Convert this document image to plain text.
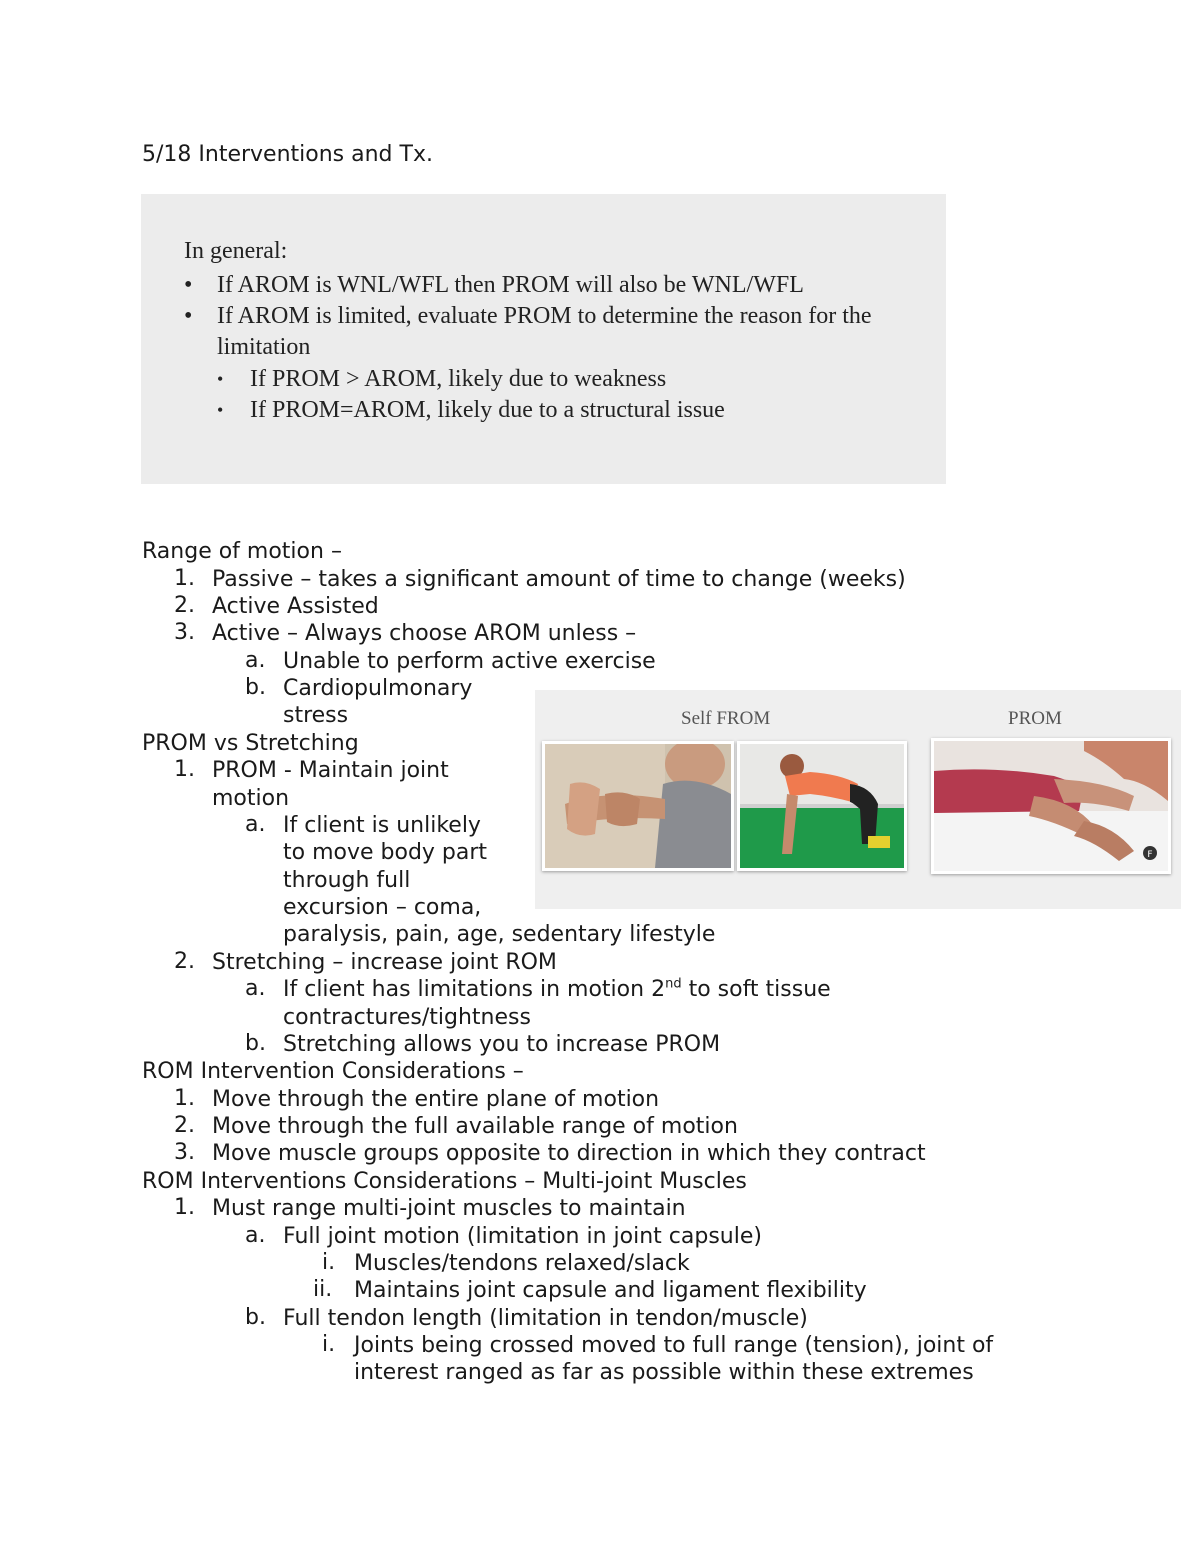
5/18 Interventions and Tx.
In general:
•	If AROM is WNL/WFL then PROM will also be WNL/WFL
•	If AROM is limited, evaluate PROM to determine the reason for the limitation
•	If PROM > AROM, likely due to weakness
•	If PROM=AROM, likely due to a structural issue
Range of motion –
1. Passive – takes a significant amount of time to change (weeks)
2. Active Assisted
3. Active – Always choose AROM unless –
a. Unable to perform active exercise
b. Cardiopulmonary
stress
PROM vs Stretching
1. PROM - Maintain joint
motion
a. If client is unlikely
to move body part
through full
excursion – coma,
paralysis, pain, age, sedentary lifestyle
2. Stretching – increase joint ROM
a. If client has limitations in motion 2nd to soft tissue
contractures/tightness
b. Stretching allows you to increase PROM
ROM Intervention Considerations –
1. Move through the entire plane of motion
2. Move through the full available range of motion
3. Move muscle groups opposite to direction in which they contract
ROM Interventions Considerations – Multi-joint Muscles
1. Must range multi-joint muscles to maintain
a. Full joint motion (limitation in joint capsule)
i. Muscles/tendons relaxed/slack
ii. Maintains joint capsule and ligament flexibility
b. Full tendon length (limitation in tendon/muscle)
i. Joints being crossed moved to full range (tension), joint of
interest ranged as far as possible within these extremes
Self FROM	PROM
F
